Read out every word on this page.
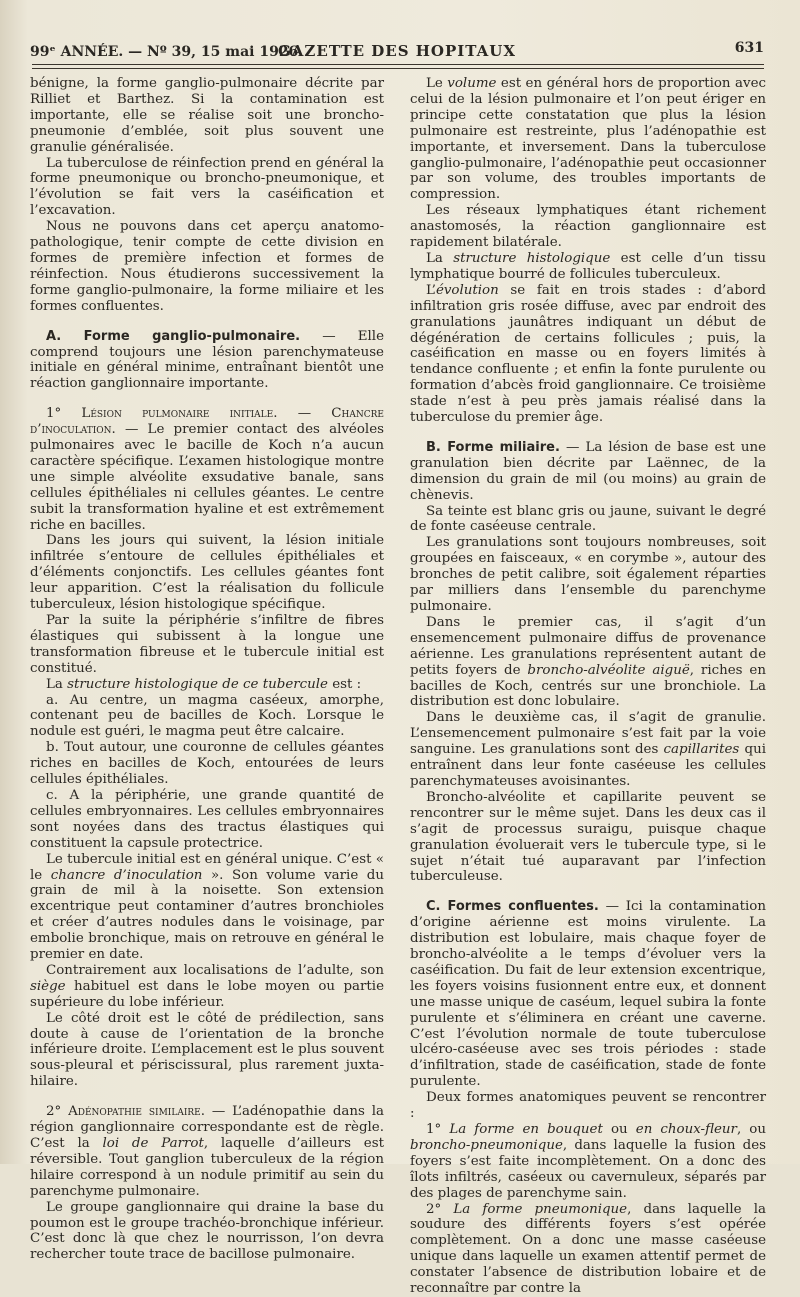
99ᵉ ANNÉE. — Nº 39, 15 mai 1926.
GAZETTE DES HOPITAUX	631

bénigne, la forme ganglio-pulmonaire décrite par Rilliet et Barthez. Si la contamination est importante, elle se réalise soit une broncho-pneumonie d’emblée, soit plus souvent une granulie généralisée.

La tuberculose de réinfection prend en général la forme pneumonique ou broncho-pneumonique, et l’évolution se fait vers la caséification et l’excavation.

Nous ne pouvons dans cet aperçu anatomo-pathologique, tenir compte de cette division en formes de première infection et formes de réinfection. Nous étudierons successivement la forme ganglio-pulmonaire, la forme miliaire et les formes confluentes.

A. Forme ganglio-pulmonaire. — Elle comprend toujours une lésion parenchymateuse initiale en général minime, entraînant bientôt une réaction ganglionnaire importante.

1° Lésion pulmonaire initiale. — Chancre d’inoculation. — Le premier contact des alvéoles pulmonaires avec le bacille de Koch n’a aucun caractère spécifique. L’examen histologique montre une simple alvéolite exsudative banale, sans cellules épithéliales ni cellules géantes. Le centre subit la transformation hyaline et est extrêmement riche en bacilles.

Dans les jours qui suivent, la lésion initiale infiltrée s’entoure de cellules épithéliales et d’éléments conjonctifs. Les cellules géantes font leur apparition. C’est la réalisation du follicule tuberculeux, lésion histologique spécifique.

Par la suite la périphérie s’infiltre de fibres élastiques qui subissent à la longue une transformation fibreuse et le tubercule initial est constitué.

La structure histologique de ce tubercule est :

a. Au centre, un magma caséeux, amorphe, contenant peu de bacilles de Koch. Lorsque le nodule est guéri, le magma peut être calcaire.

b. Tout autour, une couronne de cellules géantes riches en bacilles de Koch, entourées de leurs cellules épithéliales.

c. A la périphérie, une grande quantité de cellules embryonnaires. Les cellules embryonnaires sont noyées dans des tractus élastiques qui constituent la capsule protectrice.

Le tubercule initial est en général unique. C’est « le chancre d’inoculation ». Son volume varie du grain de mil à la noisette. Son extension excentrique peut contaminer d’autres bronchioles et créer d’autres nodules dans le voisinage, par embolie bronchique, mais on retrouve en général le premier en date.

Contrairement aux localisations de l’adulte, son siège habituel est dans le lobe moyen ou partie supérieure du lobe inférieur.

Le côté droit est le côté de prédilection, sans doute à cause de l’orientation de la bronche inférieure droite. L’emplacement est le plus souvent sous-pleural et périscissural, plus rarement juxta-hilaire.

2° Adénopathie similaire. — L’adénopathie dans la région ganglionnaire correspondante est de règle. C’est la loi de Parrot, laquelle d’ailleurs est réversible. Tout ganglion tuberculeux de la région hilaire correspond à un nodule primitif au sein du parenchyme pulmonaire.

Le groupe ganglionnaire qui draine la base du poumon est le groupe trachéo-bronchique inférieur. C’est donc là que chez le nourrisson, l’on devra rechercher toute trace de bacillose pulmonaire.

Le volume est en général hors de proportion avec celui de la lésion pulmonaire et l’on peut ériger en principe cette constatation que plus la lésion pulmonaire est restreinte, plus l’adénopathie est importante, et inversement. Dans la tuberculose ganglio-pulmonaire, l’adénopathie peut occasionner par son volume, des troubles importants de compression.

Les réseaux lymphatiques étant richement anastomosés, la réaction ganglionnaire est rapidement bilatérale.

La structure histologique est celle d’un tissu lymphatique bourré de follicules tuberculeux.

L’évolution se fait en trois stades : d’abord infiltration gris rosée diffuse, avec par endroit des granulations jaunâtres indiquant un début de dégénération de certains follicules ; puis, la caséification en masse ou en foyers limités à tendance confluente ; et enfin la fonte purulente ou formation d’abcès froid ganglionnaire. Ce troisième stade n’est à peu près jamais réalisé dans la tuberculose du premier âge.

B. Forme miliaire. — La lésion de base est une granulation bien décrite par Laënnec, de la dimension du grain de mil (ou moins) au grain de chènevis.

Sa teinte est blanc gris ou jaune, suivant le degré de fonte caséeuse centrale.

Les granulations sont toujours nombreuses, soit groupées en faisceaux, « en corymbe », autour des bronches de petit calibre, soit également réparties par milliers dans l’ensemble du parenchyme pulmonaire.

Dans le premier cas, il s’agit d’un ensemencement pulmonaire diffus de provenance aérienne. Les granulations représentent autant de petits foyers de broncho-alvéolite aiguë, riches en bacilles de Koch, centrés sur une bronchiole. La distribution est donc lobulaire.

Dans le deuxième cas, il s’agit de granulie. L’ensemencement pulmonaire s’est fait par la voie sanguine. Les granulations sont des capillarites qui entraînent dans leur fonte caséeuse les cellules parenchymateuses avoisinantes.

Broncho-alvéolite et capillarite peuvent se rencontrer sur le même sujet. Dans les deux cas il s’agit de processus suraigu, puisque chaque granulation évoluerait vers le tubercule type, si le sujet n’était tué auparavant par l’infection tuberculeuse.

C. Formes confluentes. — Ici la contamination d’origine aérienne est moins virulente. La distribution est lobulaire, mais chaque foyer de broncho-alvéolite a le temps d’évoluer vers la caséification. Du fait de leur extension excentrique, les foyers voisins fusionnent entre eux, et donnent une masse unique de caséum, lequel subira la fonte purulente et s’éliminera en créant une caverne. C’est l’évolution normale de toute tuberculose ulcéro-caséeuse avec ses trois périodes : stade d’infiltration, stade de caséification, stade de fonte purulente.

Deux formes anatomiques peuvent se rencontrer :

1° La forme en bouquet ou en choux-fleur, ou broncho-pneumonique, dans laquelle la fusion des foyers s’est faite incomplètement. On a donc des îlots infiltrés, caséeux ou cavernuleux, séparés par des plages de parenchyme sain.

2° La forme pneumonique, dans laquelle la soudure des différents foyers s’est opérée complètement. On a donc une masse caséeuse unique dans laquelle un examen attentif permet de constater l’absence de distribution lobaire et de reconnaître par contre la
